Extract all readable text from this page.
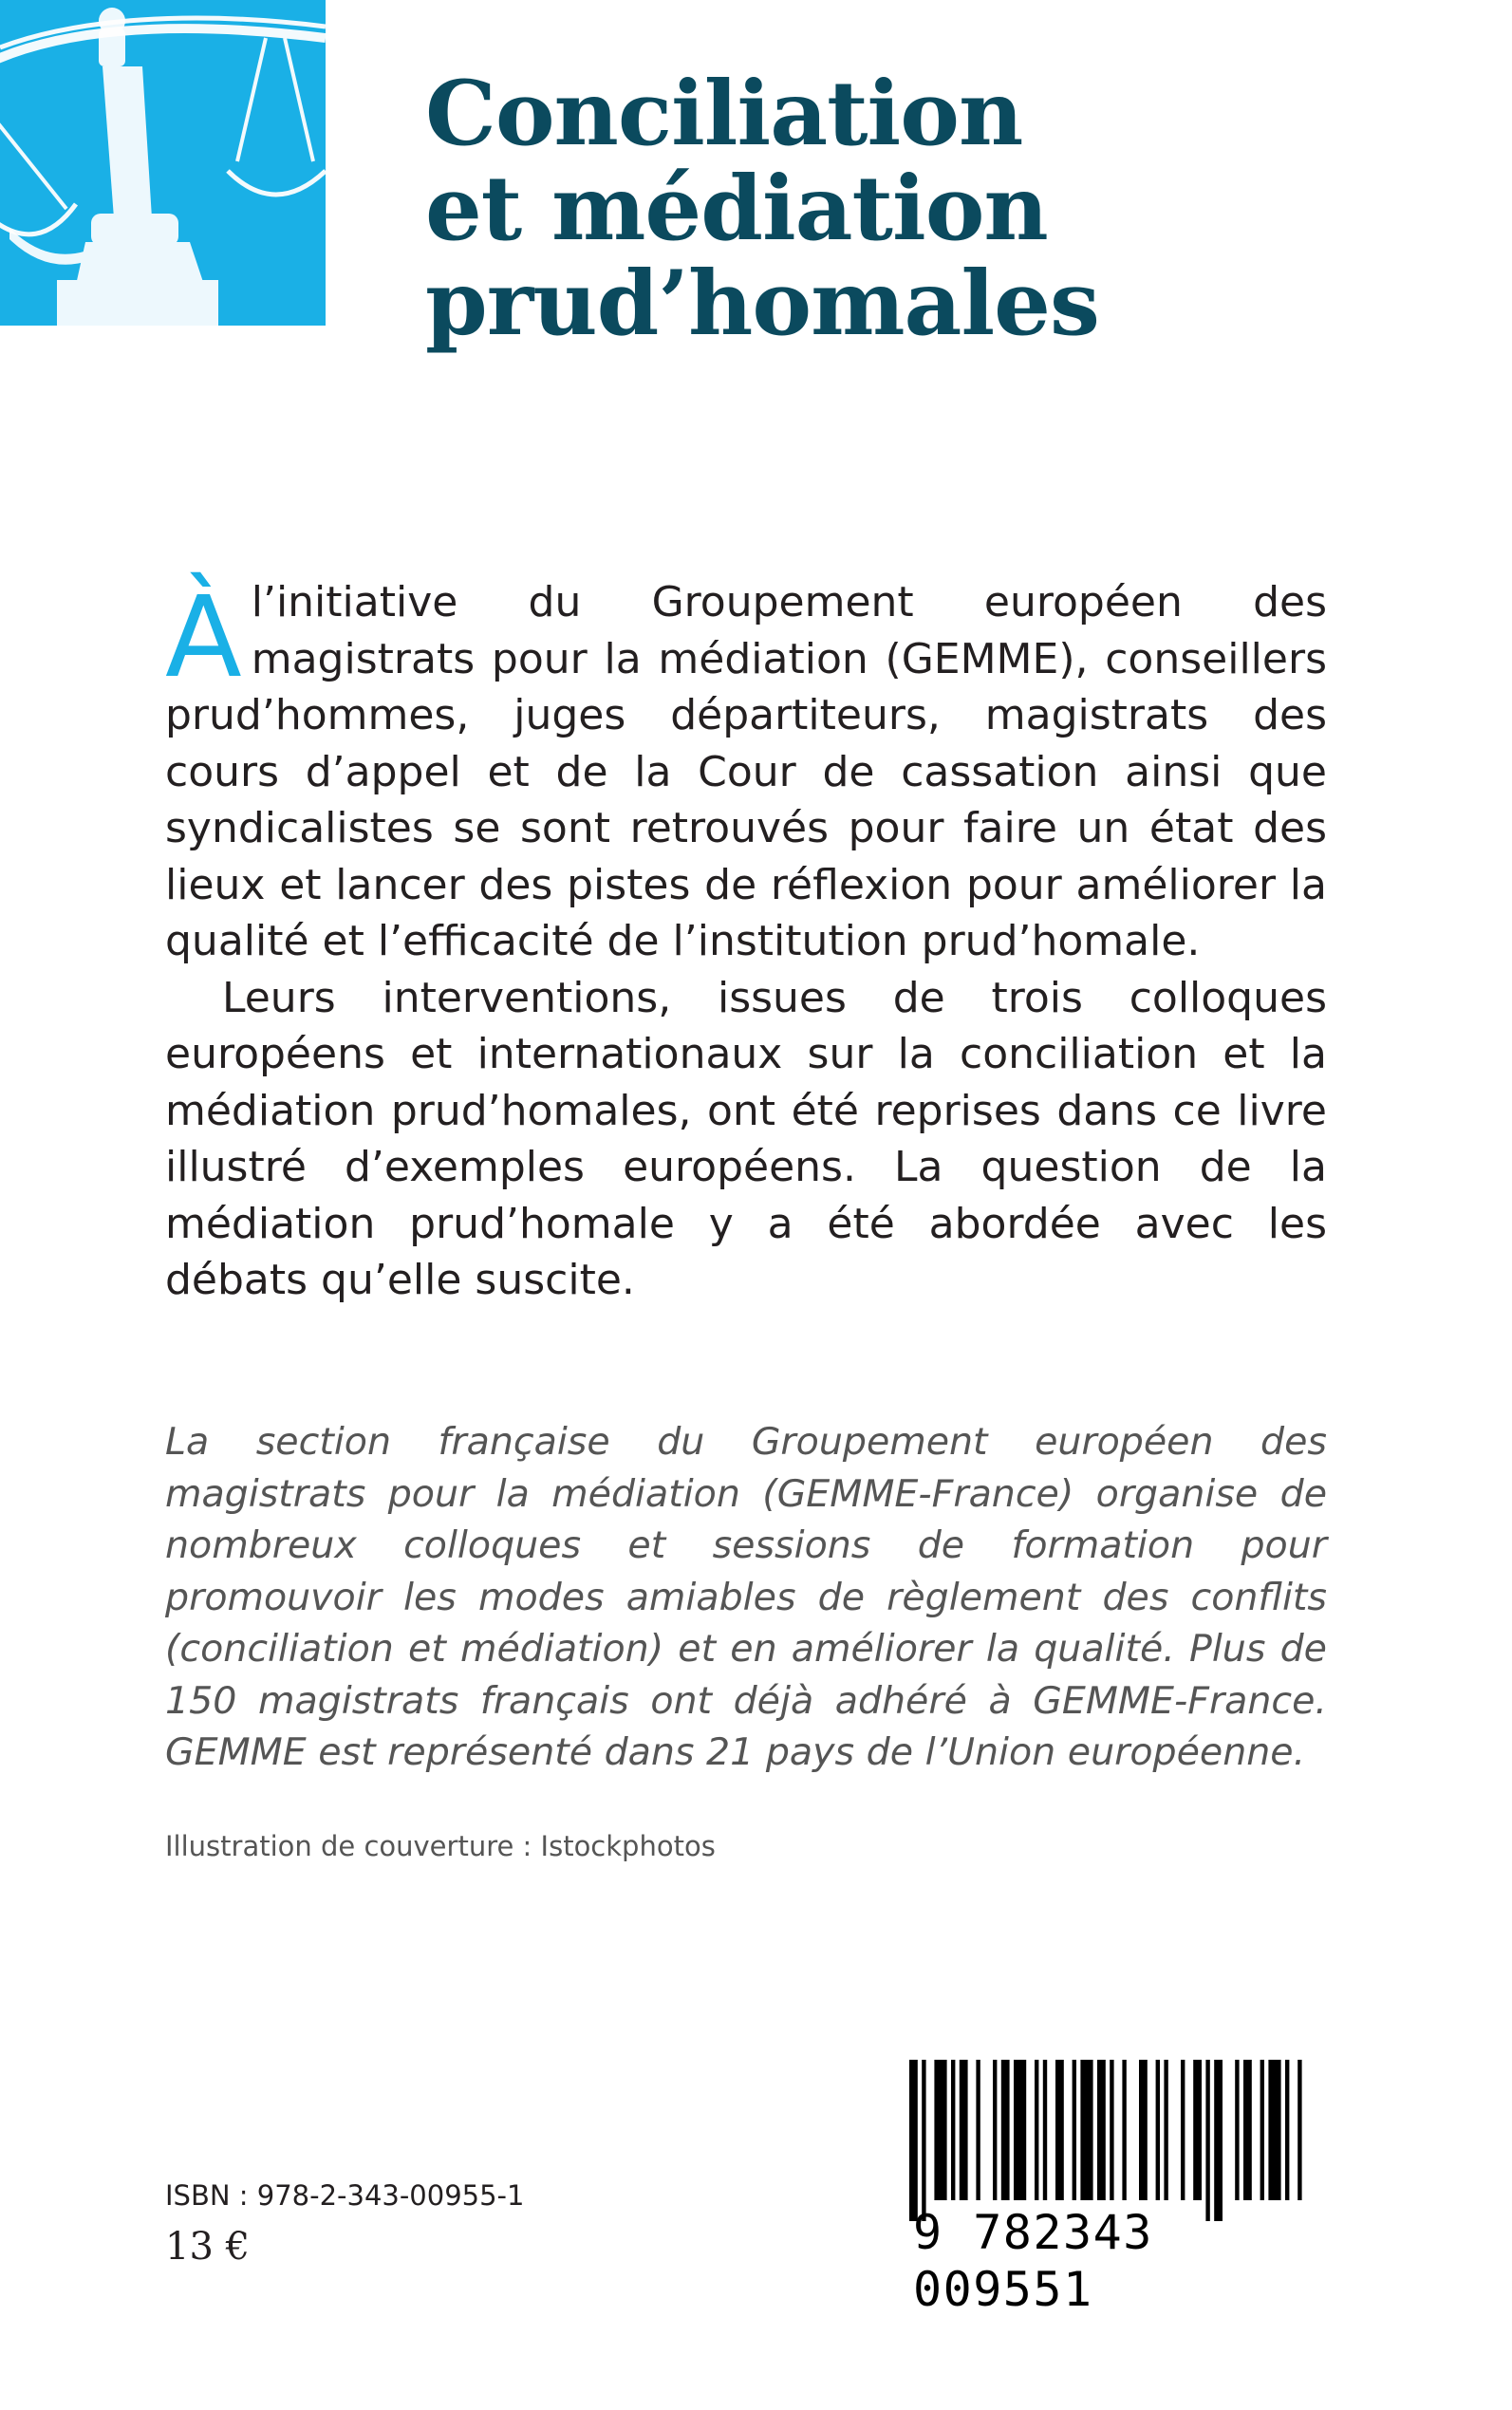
Conciliation
et médiation
prud’homales

Àl’initiative du Groupement européen des magistrats pour la médiation (GEMME), conseillers prud’hommes, juges départiteurs, magistrats des cours d’appel et de la Cour de cassation ainsi que syndicalistes se sont retrouvés pour faire un état des lieux et lancer des pistes de réflexion pour améliorer la qualité et l’efficacité de l’institution prud’homale.

Leurs interventions, issues de trois colloques européens et internationaux sur la conciliation et la médiation prud’homales, ont été reprises dans ce livre illustré d’exemples européens. La question de la médiation prud’homale y a été abordée avec les débats qu’elle suscite.

La section française du Groupement européen des magistrats pour la médiation (GEMME-France) organise de nombreux colloques et sessions de formation pour promouvoir les modes amiables de règlement des conflits (conciliation et médiation) et en améliorer la qualité. Plus de 150 magistrats français ont déjà adhéré à GEMME-France. GEMME est représenté dans 21 pays de l’Union européenne.
Illustration de couverture : Istockphotos
ISBN : 978-2-343-00955-1
13 €	9 782343 009551
